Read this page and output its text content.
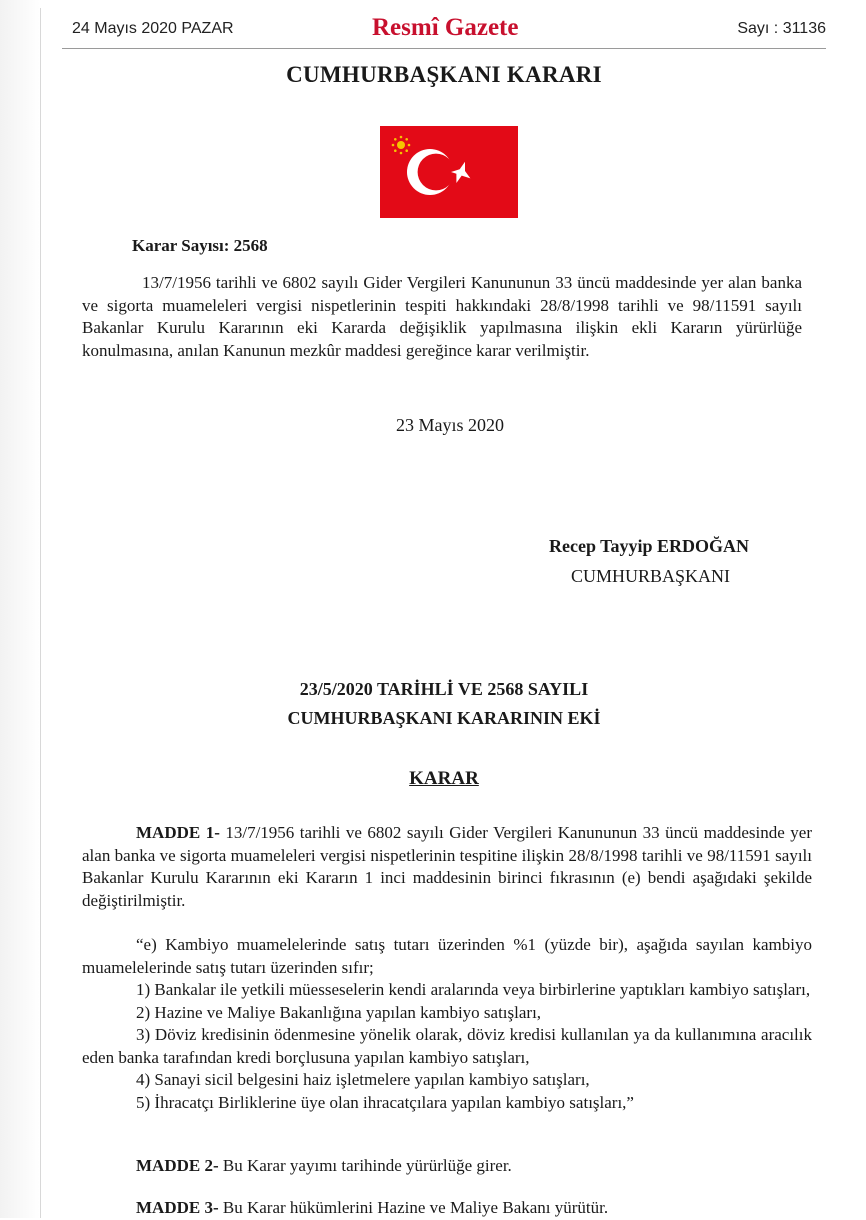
24 Mayıs 2020 PAZAR	Resmî Gazete	Sayı : 31136
CUMHURBAŞKANI KARARI
Karar Sayısı: 2568

13/7/1956 tarihli ve 6802 sayılı Gider Vergileri Kanununun 33 üncü maddesinde yer alan banka ve sigorta muameleleri vergisi nispetlerinin tespiti hakkındaki 28/8/1998 tarihli ve 98/11591 sayılı Bakanlar Kurulu Kararının eki Kararda değişiklik yapılmasına ilişkin ekli Kararın yürürlüğe konulmasına, anılan Kanunun mezkûr maddesi gereğince karar verilmiştir.

23 Mayıs 2020
Recep Tayyip ERDOĞAN
CUMHURBAŞKANI
23/5/2020 TARİHLİ VE 2568 SAYILI
CUMHURBAŞKANI KARARININ EKİ
KARAR

MADDE 1- 13/7/1956 tarihli ve 6802 sayılı Gider Vergileri Kanununun 33 üncü maddesinde yer alan banka ve sigorta muameleleri vergisi nispetlerinin tespitine ilişkin 28/8/1998 tarihli ve 98/11591 sayılı Bakanlar Kurulu Kararının eki Kararın 1 inci maddesinin birinci fıkrasının (e) bendi aşağıdaki şekilde değiştirilmiştir.

“e) Kambiyo muamelelerinde satış tutarı üzerinden %1 (yüzde bir), aşağıda sayılan kambiyo muamelelerinde satış tutarı üzerinden sıfır;

1) Bankalar ile yetkili müesseselerin kendi aralarında veya birbirlerine yaptıkları kambiyo satışları,

2) Hazine ve Maliye Bakanlığına yapılan kambiyo satışları,

3) Döviz kredisinin ödenmesine yönelik olarak, döviz kredisi kullanılan ya da kullanımına aracılık eden banka tarafından kredi borçlusuna yapılan kambiyo satışları,

4) Sanayi sicil belgesini haiz işletmelere yapılan kambiyo satışları,

5) İhracatçı Birliklerine üye olan ihracatçılara yapılan kambiyo satışları,”

MADDE 2- Bu Karar yayımı tarihinde yürürlüğe girer.

MADDE 3- Bu Karar hükümlerini Hazine ve Maliye Bakanı yürütür.
